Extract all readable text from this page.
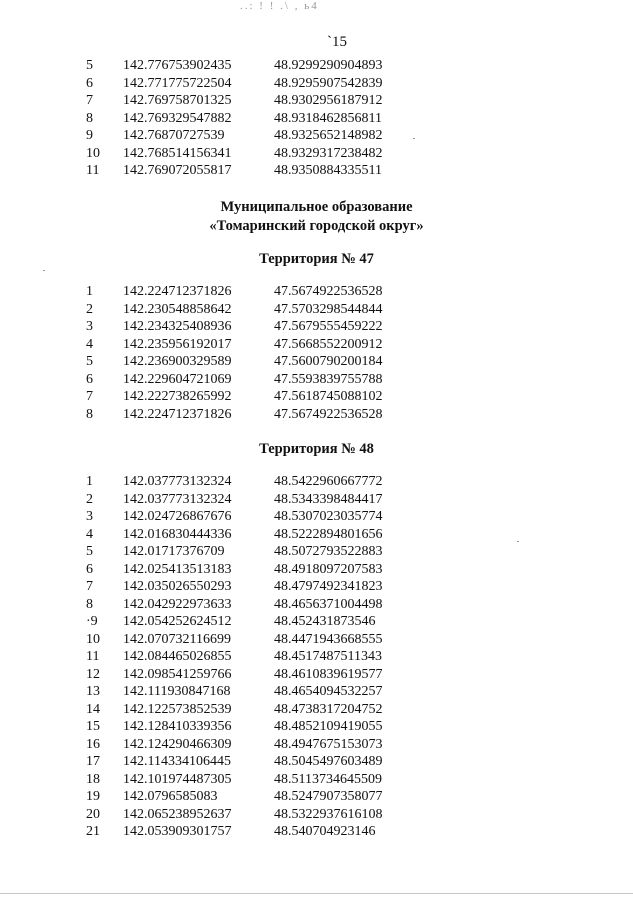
..: ! ! .\ , ь4
`15
5 142.776753902435	48.9299290904893
6 142.771775722504	48.9295907542839
7 142.769758701325	48.9302956187912
8 142.769329547882	48.9318462856811
9 142.76870727539	48.9325652148982
10 142.768514156341	48.9329317238482
11 142.769072055817	48.9350884335511
Муниципальное образование
«Томаринский городской округ»
Территория № 47
1 142.224712371826	47.5674922536528
2 142.230548858642	47.5703298544844
3 142.234325408936	47.5679555459222
4 142.235956192017	47.5668552200912
5 142.236900329589	47.5600790200184
6 142.229604721069	47.5593839755788
7 142.222738265992	47.5618745088102
8 142.224712371826	47.5674922536528
Территория № 48
1 142.037773132324	48.5422960667772
2 142.037773132324	48.5343398484417
3 142.024726867676	48.5307023035774
4 142.016830444336	48.5222894801656
5 142.01717376709	48.5072793522883
6 142.025413513183	48.4918097207583
7 142.035026550293	48.4797492341823
8 142.042922973633	48.4656371004498
·9 142.054252624512	48.452431873546
10 142.070732116699	48.4471943668555
11 142.084465026855	48.4517487511343
12 142.098541259766	48.4610839619577
13 142.111930847168	48.4654094532257
14 142.122573852539	48.4738317204752
15 142.128410339356	48.4852109419055
16 142.124290466309	48.4947675153073
17 142.114334106445	48.5045497603489
18 142.101974487305	48.5113734645509
19 142.0796585083	48.5247907358077
20 142.065238952637	48.5322937616108
21 142.053909301757	48.540704923146
